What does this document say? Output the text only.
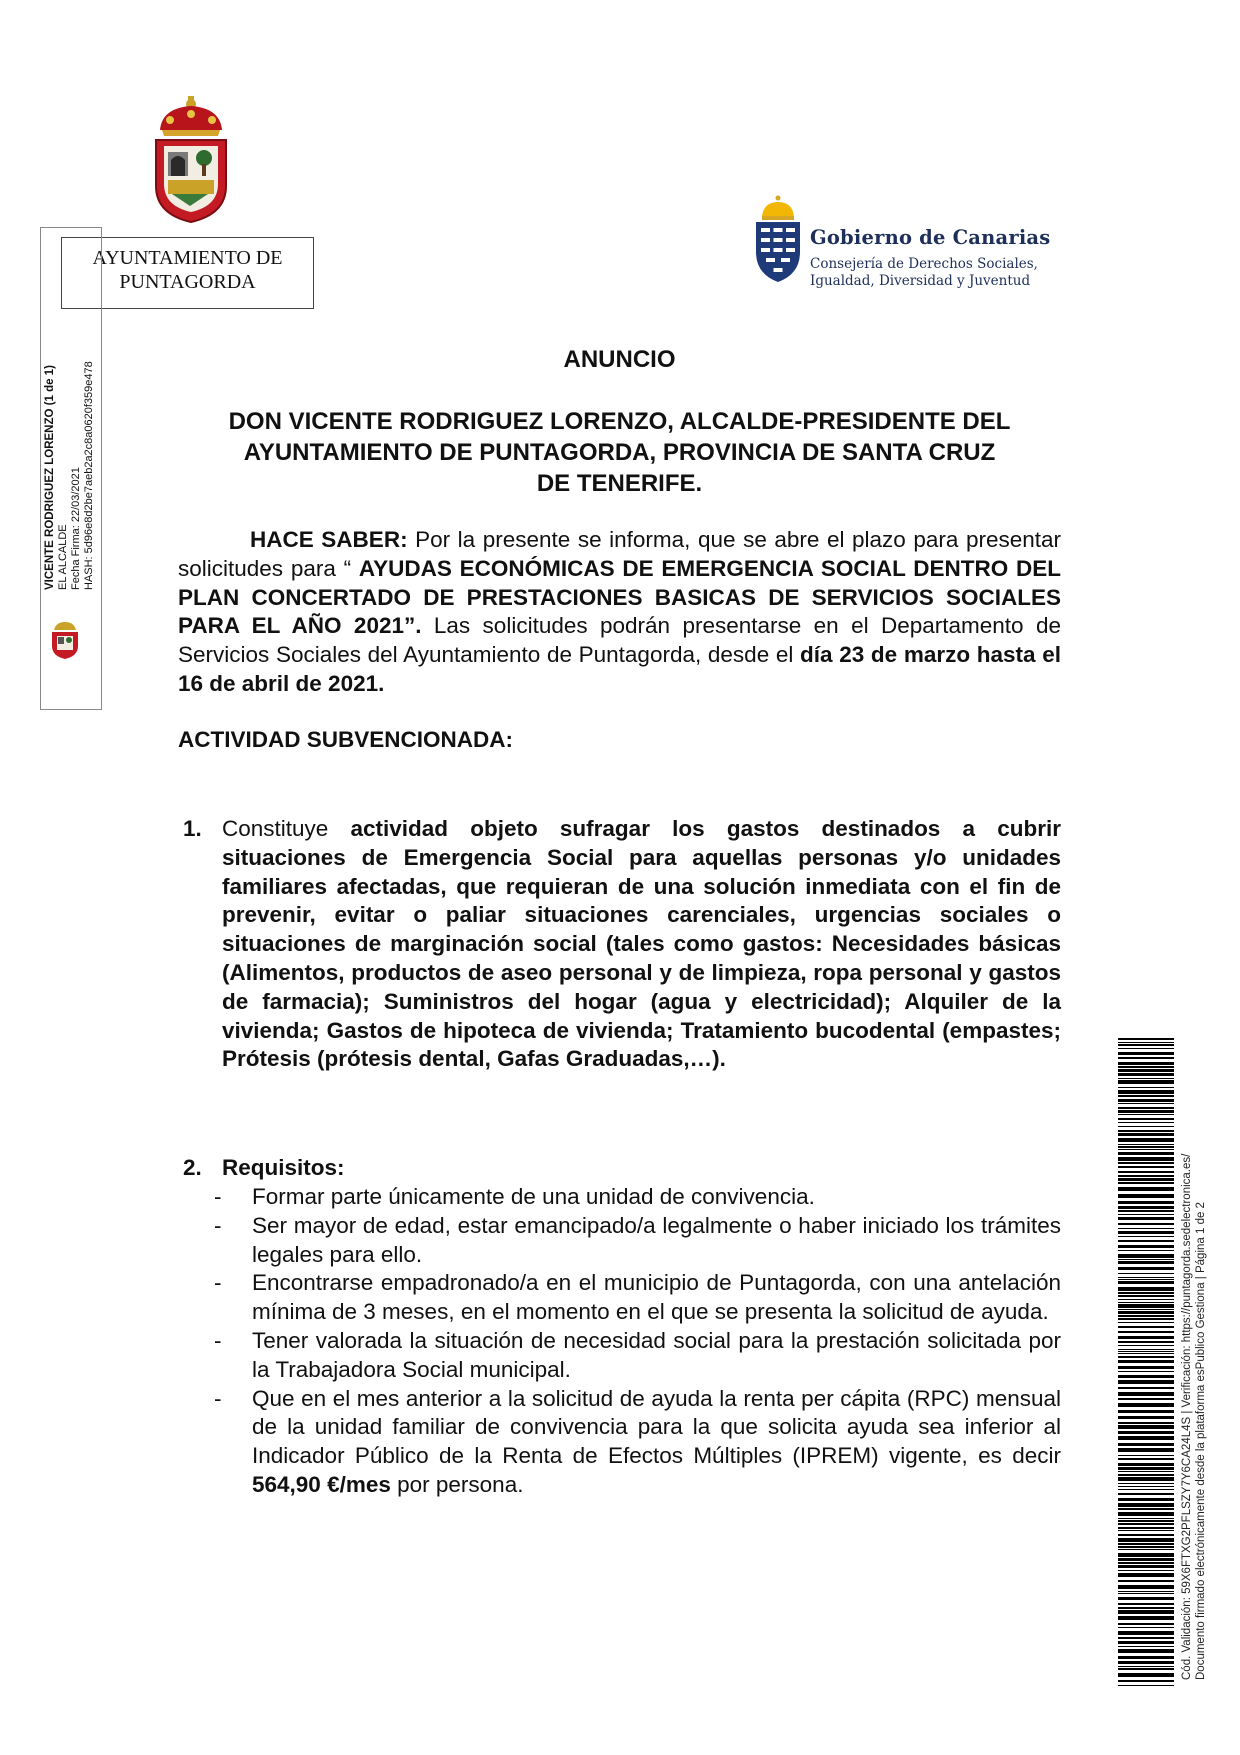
AYUNTAMIENTO DE
PUNTAGORDA
VICENTE RODRIGUEZ LORENZO (1 de 1) EL ALCALDE Fecha Firma: 22/03/2021 HASH: 5d96e8d2be7aeb2a2c8a0620f359e478
Gobierno de Canarias
Consejería de Derechos Sociales,
Igualdad, Diversidad y Juventud
ANUNCIO
DON VICENTE RODRIGUEZ LORENZO, ALCALDE-PRESIDENTE DEL
AYUNTAMIENTO DE PUNTAGORDA, PROVINCIA DE SANTA CRUZ
DE TENERIFE.
HACE SABER: Por la presente se informa, que se abre el plazo para presentar solicitudes para “ AYUDAS ECONÓMICAS DE EMERGENCIA SOCIAL DENTRO DEL PLAN CONCERTADO DE PRESTACIONES BASICAS DE SERVICIOS SOCIALES PARA EL AÑO 2021”. Las solicitudes podrán presentarse en el Departamento de Servicios Sociales del Ayuntamiento de Puntagorda, desde el día 23 de marzo hasta el 16 de abril de 2021.
ACTIVIDAD SUBVENCIONADA:
1. Constituye actividad objeto sufragar los gastos destinados a cubrir situaciones de Emergencia Social para aquellas personas y/o unidades familiares afectadas, que requieran de una solución inmediata con el fin de prevenir, evitar o paliar situaciones carenciales, urgencias sociales o situaciones de marginación social (tales como gastos: Necesidades básicas (Alimentos, productos de aseo personal y de limpieza, ropa personal y gastos de farmacia); Suministros del hogar (agua y electricidad); Alquiler de la vivienda; Gastos de hipoteca de vivienda; Tratamiento bucodental (empastes; Prótesis (prótesis dental, Gafas Graduadas,…).
2. Requisitos:
- Formar parte únicamente de una unidad de convivencia.
- Ser mayor de edad, estar emancipado/a legalmente o haber iniciado los trámites legales para ello.
- Encontrarse empadronado/a en el municipio de Puntagorda, con una antelación mínima de 3 meses, en el momento en el que se presenta la solicitud de ayuda.
- Tener valorada la situación de necesidad social para la prestación solicitada por la Trabajadora Social municipal.
- Que en el mes anterior a la solicitud de ayuda la renta per cápita (RPC) mensual de la unidad familiar de convivencia para la que solicita ayuda sea inferior al Indicador Público de la Renta de Efectos Múltiples (IPREM) vigente, es decir 564,90 €/mes por persona.	Cód. Validación: 59X6FTXG2PFLSZY7Y6CA24L4S | Verificación: https://puntagorda.sedelectronica.es/ Documento firmado electrónicamente desde la plataforma esPublico Gestiona | Página 1 de 2
